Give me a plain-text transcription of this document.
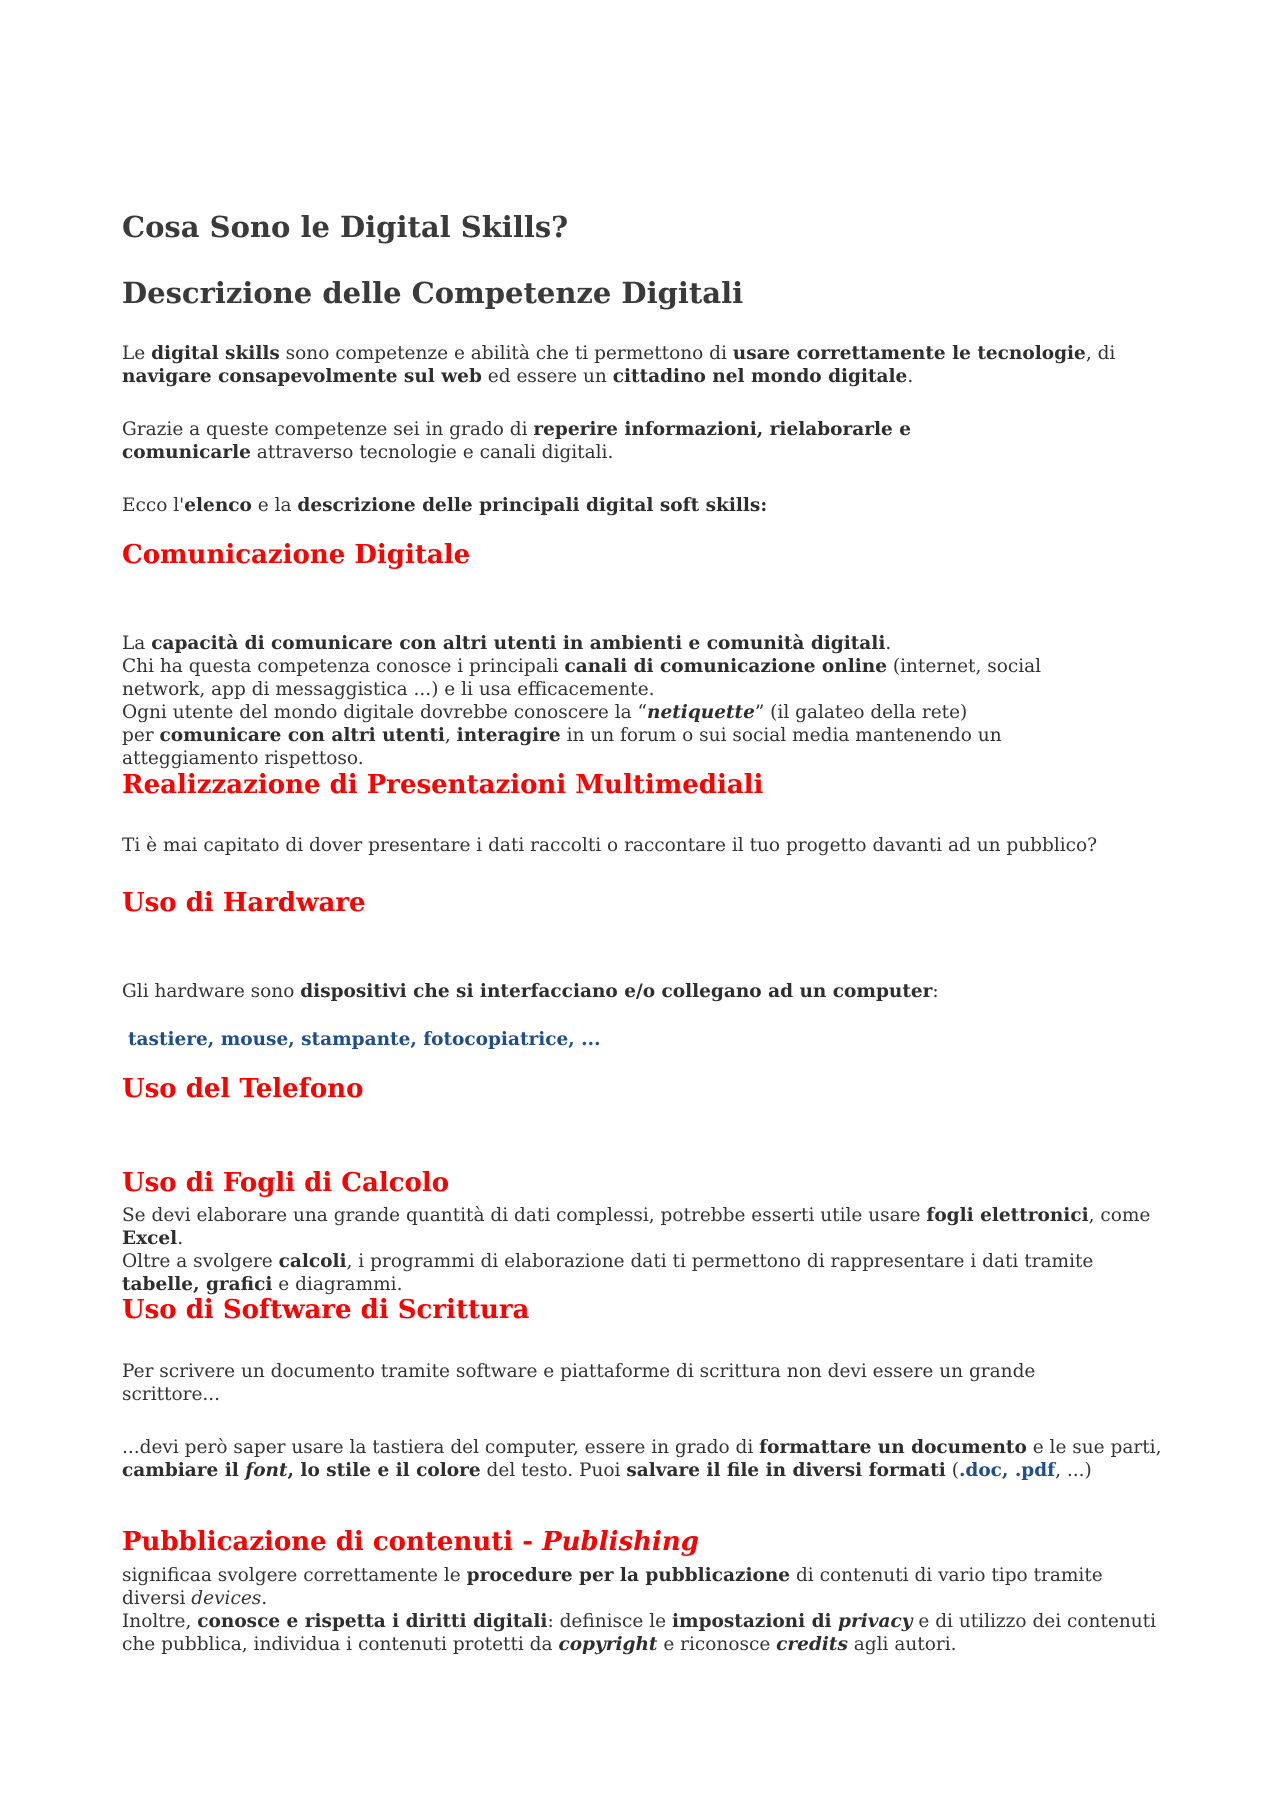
Cosa Sono le Digital Skills?
Descrizione delle Competenze Digitali

Le digital skills sono competenze e abilità che ti permettono di usare correttamente le tecnologie, di navigare consapevolmente sul web ed essere un cittadino nel mondo digitale.

Grazie a queste competenze sei in grado di reperire informazioni, rielaborarle e comunicarle attraverso tecnologie e canali digitali.

Ecco l'elenco e la descrizione delle principali digital soft skills:

Comunicazione Digitale

La capacità di comunicare con altri utenti in ambienti e comunità digitali.
Chi ha questa competenza conosce i principali canali di comunicazione online (internet, social network, app di messaggistica ...) e li usa efficacemente.
Ogni utente del mondo digitale dovrebbe conoscere la “netiquette” (il galateo della rete)
per comunicare con altri utenti, interagire in un forum o sui social media mantenendo un atteggiamento rispettoso.

Realizzazione di Presentazioni Multimediali

Ti è mai capitato di dover presentare i dati raccolti o raccontare il tuo progetto davanti ad un pubblico?

Uso di Hardware

Gli hardware sono dispositivi che si interfacciano e/o collegano ad un computer:

tastiere, mouse, stampante, fotocopiatrice, ...

Uso del Telefono
Uso di Fogli di Calcolo

Se devi elaborare una grande quantità di dati complessi, potrebbe esserti utile usare fogli elettronici, come Excel.
Oltre a svolgere calcoli, i programmi di elaborazione dati ti permettono di rappresentare i dati tramite tabelle, grafici e diagrammi.

Uso di Software di Scrittura

Per scrivere un documento tramite software e piattaforme di scrittura non devi essere un grande scrittore...

...devi però saper usare la tastiera del computer, essere in grado di formattare un documento e le sue parti, cambiare il font, lo stile e il colore del testo. Puoi salvare il file in diversi formati (.doc, .pdf, ...)

Pubblicazione di contenuti - Publishing

significaa svolgere correttamente le procedure per la pubblicazione di contenuti di vario tipo tramite diversi devices.
Inoltre, conosce e rispetta i diritti digitali: definisce le impostazioni di privacy e di utilizzo dei contenuti che pubblica, individua i contenuti protetti da copyright e riconosce credits agli autori.
